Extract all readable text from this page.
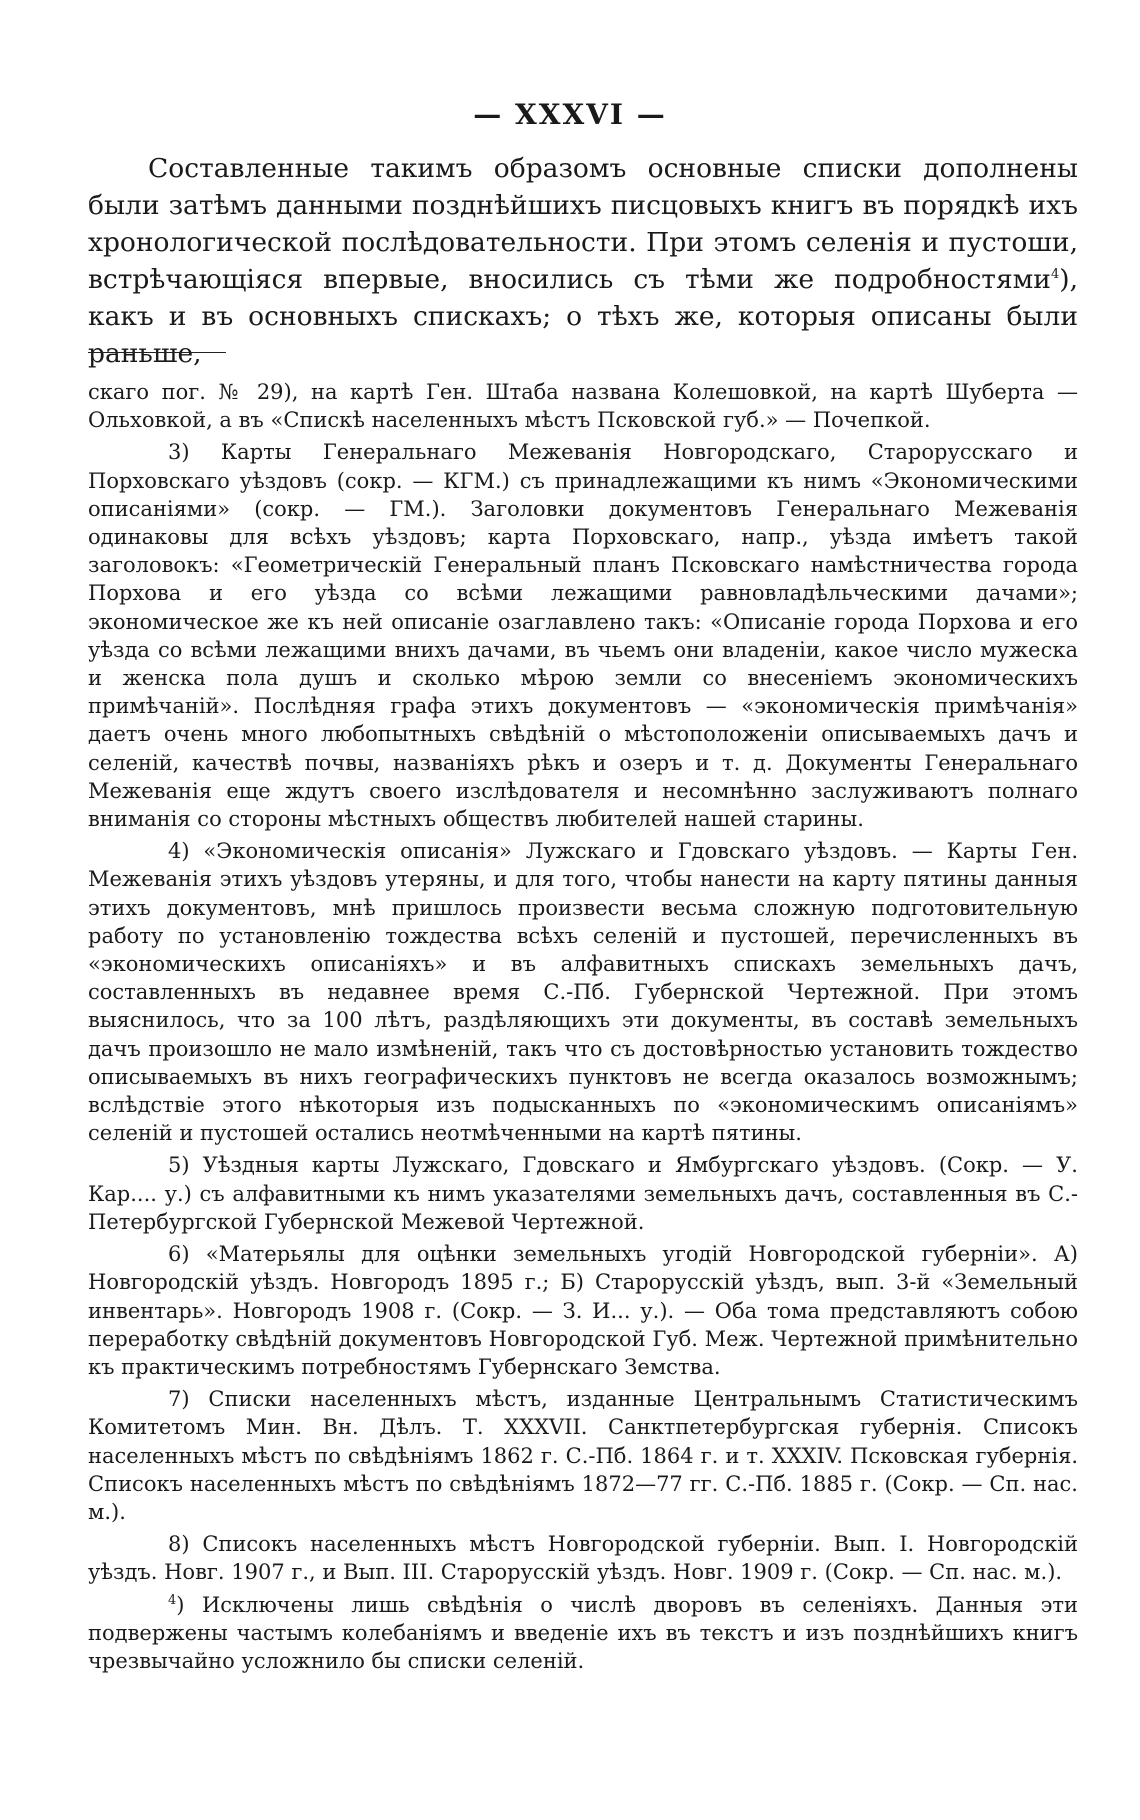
— XXXVI —

Составленные такимъ образомъ основные списки дополнены были затѣмъ данными позднѣйшихъ писцовыхъ книгъ въ порядкѣ ихъ хронологической послѣдовательности. При этомъ селенія и пустоши, встрѣчающіяся впервые, вносились съ тѣми же подробностями$^4$), какъ и въ основныхъ спискахъ; о тѣхъ же, которыя описаны были раньше,

скаго пог. № 29), на картѣ Ген. Штаба названа Колешовкой, на картѣ Шуберта — Ольховкой, а въ «Спискѣ населенныхъ мѣстъ Псковской губ.» — Почепкой.

3) Карты Генеральнаго Межеванія Новгородскаго, Старорусскаго и Порховскаго уѣздовъ (сокр. — КГМ.) съ принадлежащими къ нимъ «Экономическими описаніями» (сокр. — ГМ.). Заголовки документовъ Генеральнаго Межеванія одинаковы для всѣхъ уѣздовъ; карта Порховскаго, напр., уѣзда имѣетъ такой заголовокъ: «Геометрическій Генеральный планъ Псковскаго намѣстничества города Порхова и его уѣзда со всѣми лежащими равновладѣльческими дачами»; экономическое же къ ней описаніе озаглавлено такъ: «Описаніе города Порхова и его уѣзда со всѣми лежащими вниxъ дачами, въ чьемъ они владеніи, какое число мужеска и женска пола душъ и сколько мѣрою земли со внесеніемъ экономическихъ примѣчаній». Послѣдняя графа этихъ документовъ — «экономическія примѣчанія» даетъ очень много любопытныхъ свѣдѣній о мѣстоположеніи описываемыхъ дачъ и селеній, качествѣ почвы, названіяхъ рѣкъ и озеръ и т. д. Документы Генеральнаго Межеванія еще ждутъ своего изслѣдователя и несомнѣнно заслуживаютъ полнаго вниманія со стороны мѣстныхъ обществъ любителей нашей старины.

4) «Экономическія описанія» Лужскаго и Гдовскаго уѣздовъ. — Карты Ген. Межеванія этихъ уѣздовъ утеряны, и для того, чтобы нанести на карту пятины данныя этихъ документовъ, мнѣ пришлось произвести весьма сложную подготовительную работу по установленію тождества всѣхъ селеній и пустошей, перечисленныхъ въ «экономическихъ описаніяхъ» и въ алфавитныхъ спискахъ земельныхъ дачъ, составленныхъ въ недавнее время С.-Пб. Губернской Чертежной. При этомъ выяснилось, что за 100 лѣтъ, раздѣляющихъ эти документы, въ составѣ земельныхъ дачъ произошло не мало измѣненій, такъ что съ достовѣрностью установить тождество описываемыхъ въ нихъ географическихъ пунктовъ не всегда оказалось возможнымъ; вслѣдствіе этого нѣкоторыя изъ подысканныхъ по «экономическимъ описаніямъ» селеній и пустошей остались неотмѣченными на картѣ пятины.

5) Уѣздныя карты Лужскаго, Гдовскаго и Ямбургскаго уѣздовъ. (Сокр. — У. Кар.... у.) съ алфавитными къ нимъ указателями земельныхъ дачъ, составленныя въ С.-Петербургской Губернской Межевой Чертежной.

6) «Матерьялы для оцѣнки земельныхъ угодій Новгородской губерніи». А) Новгородскій уѣздъ. Новгородъ 1895 г.; Б) Старорусскій уѣздъ, вып. 3-й «Земельный инвентарь». Новгородъ 1908 г. (Сокр. — З. И... у.). — Оба тома представляютъ собою переработку свѣдѣній документовъ Новгородской Губ. Меж. Чертежной примѣнительно къ практическимъ потребностямъ Губернскаго Земства.

7) Списки населенныхъ мѣстъ, изданные Центральнымъ Статистическимъ Комитетомъ Мин. Вн. Дѣлъ. Т. XXXVII. Санктпетербургская губернія. Списокъ населенныхъ мѣстъ по свѣдѣніямъ 1862 г. С.-Пб. 1864 г. и т. XXXIV. Псковская губернія. Списокъ населенныхъ мѣстъ по свѣдѣніямъ 1872—77 гг. С.-Пб. 1885 г. (Сокр. — Сп. нас. м.).

8) Списокъ населенныхъ мѣстъ Новгородской губерніи. Вып. I. Новгородскій уѣздъ. Новг. 1907 г., и Вып. III. Старорусскій уѣздъ. Новг. 1909 г. (Сокр. — Сп. нас. м.).

$^4$) Исключены лишь свѣдѣнія о числѣ дворовъ въ селеніяхъ. Данныя эти подвержены частымъ колебаніямъ и введеніе ихъ въ текстъ и изъ позднѣйшихъ книгъ чрезвычайно усложнило бы списки селеній.
